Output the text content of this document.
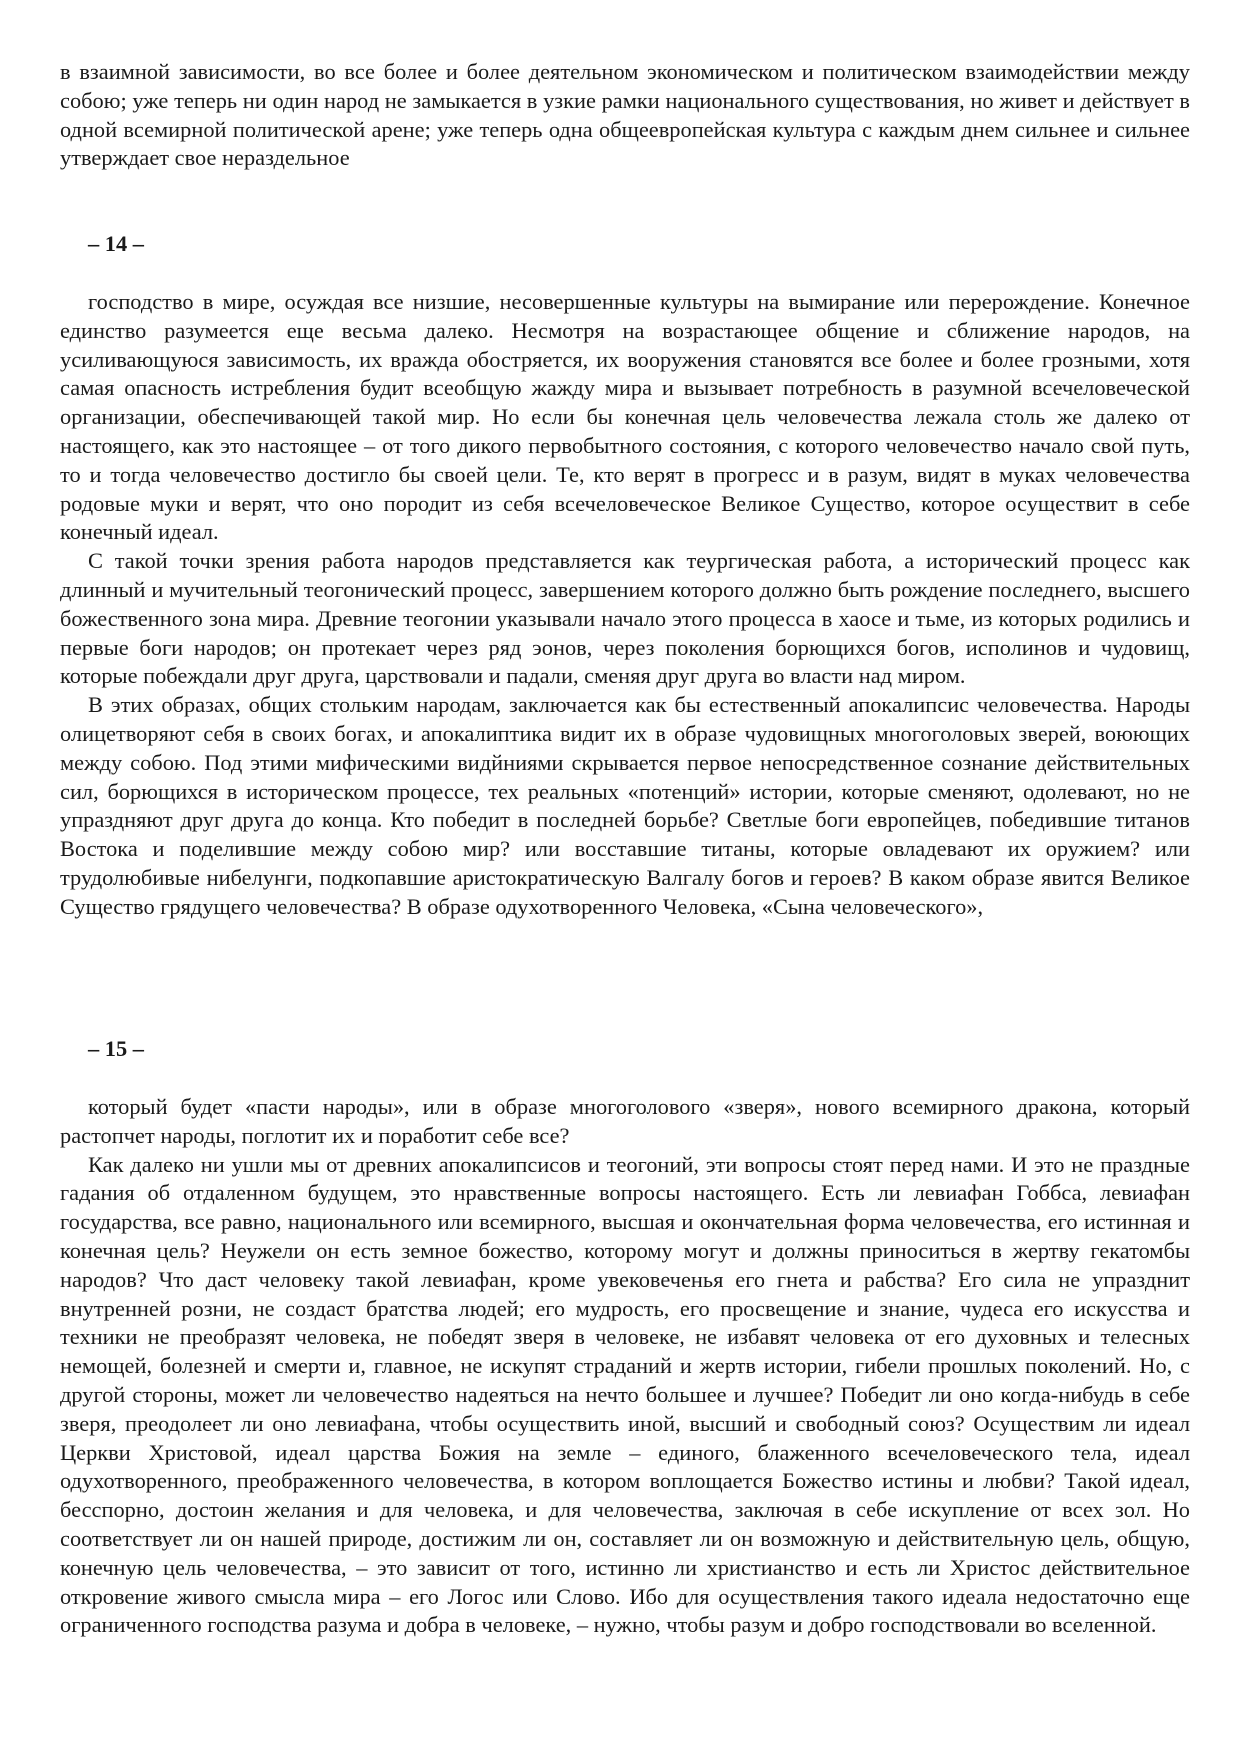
в взаимной зависимости, во все более и более деятельном экономическом и политическом взаимодействии между собою; уже теперь ни один народ не замыкается в узкие рамки национального существования, но живет и действует в одной всемирной политической арене; уже теперь одна общеевропейская культура с каждым днем сильнее и сильнее утверждает свое нераздельное

– 14 –

господство в мире, осуждая все низшие, несовершенные культуры на вымирание или перерождение. Конечное единство разумеется еще весьма далеко. Несмотря на возрастающее общение и сближение народов, на усиливающуюся зависимость, их вражда обостряется, их вооружения становятся все более и более грозными, хотя самая опасность истребления будит всеобщую жажду мира и вызывает потребность в разумной всечеловеческой организации, обеспечивающей такой мир. Но если бы конечная цель человечества лежала столь же далеко от настоящего, как это настоящее – от того дикого первобытного состояния, с которого человечество начало свой путь, то и тогда человечество достигло бы своей цели. Те, кто верят в прогресс и в разум, видят в муках человечества родовые муки и верят, что оно породит из себя всечеловеческое Великое Существо, которое осуществит в себе конечный идеал.

С такой точки зрения работа народов представляется как теургическая работа, а исторический процесс как длинный и мучительный теогонический процесс, завершением которого должно быть рождение последнего, высшего божественного зона мира. Древние теогонии указывали начало этого процесса в хаосе и тьме, из которых родились и первые боги народов; он протекает через ряд эонов, через поколения борющихся богов, исполинов и чудовищ, которые побеждали друг друга, царствовали и падали, сменяя друг друга во власти над миром.

В этих образах, общих стольким народам, заключается как бы естественный апокалипсис человечества. Народы олицетворяют себя в своих богах, и апокалиптика видит их в образе чудовищных многоголовых зверей, воюющих между собою. Под этими мифическими видйниями скрывается первое непосредственное сознание действительных сил, борющихся в историческом процессе, тех реальных «потенций» истории, которые сменяют, одолевают, но не упраздняют друг друга до конца. Кто победит в последней борьбе? Светлые боги европейцев, победившие титанов Востока и поделившие между собою мир? или восставшие титаны, которые овладевают их оружием? или трудолюбивые нибелунги, подкопавшие аристократическую Валгалу богов и героев? В каком образе явится Великое Существо грядущего человечества? В образе одухотворенного Человека, «Сына человеческого»,

– 15 –

который будет «пасти народы», или в образе многоголового «зверя», нового всемирного дракона, который растопчет народы, поглотит их и поработит себе все?

Как далеко ни ушли мы от древних апокалипсисов и теогоний, эти вопросы стоят перед нами. И это не праздные гадания об отдаленном будущем, это нравственные вопросы настоящего. Есть ли левиафан Гоббса, левиафан государства, все равно, национального или всемирного, высшая и окончательная форма человечества, его истинная и конечная цель? Неужели он есть земное божество, которому могут и должны приноситься в жертву гекатомбы народов? Что даст человеку такой левиафан, кроме увековеченья его гнета и рабства? Его сила не упразднит внутренней розни, не создаст братства людей; его мудрость, его просвещение и знание, чудеса его искусства и техники не преобразят человека, не победят зверя в человеке, не избавят человека от его духовных и телесных немощей, болезней и смерти и, главное, не искупят страданий и жертв истории, гибели прошлых поколений. Но, с другой стороны, может ли человечество надеяться на нечто большее и лучшее? Победит ли оно когда-нибудь в себе зверя, преодолеет ли оно левиафана, чтобы осуществить иной, высший и свободный союз? Осуществим ли идеал Церкви Христовой, идеал царства Божия на земле – единого, блаженного всечеловеческого тела, идеал одухотворенного, преображенного человечества, в котором воплощается Божество истины и любви? Такой идеал, бесспорно, достоин желания и для человека, и для человечества, заключая в себе искупление от всех зол. Но соответствует ли он нашей природе, достижим ли он, составляет ли он возможную и действительную цель, общую, конечную цель человечества, – это зависит от того, истинно ли христианство и есть ли Христос действительное откровение живого смысла мира – его Логос или Слово. Ибо для осуществления такого идеала недостаточно еще ограниченного господства разума и добра в человеке, – нужно, чтобы разум и добро господствовали во вселенной.
